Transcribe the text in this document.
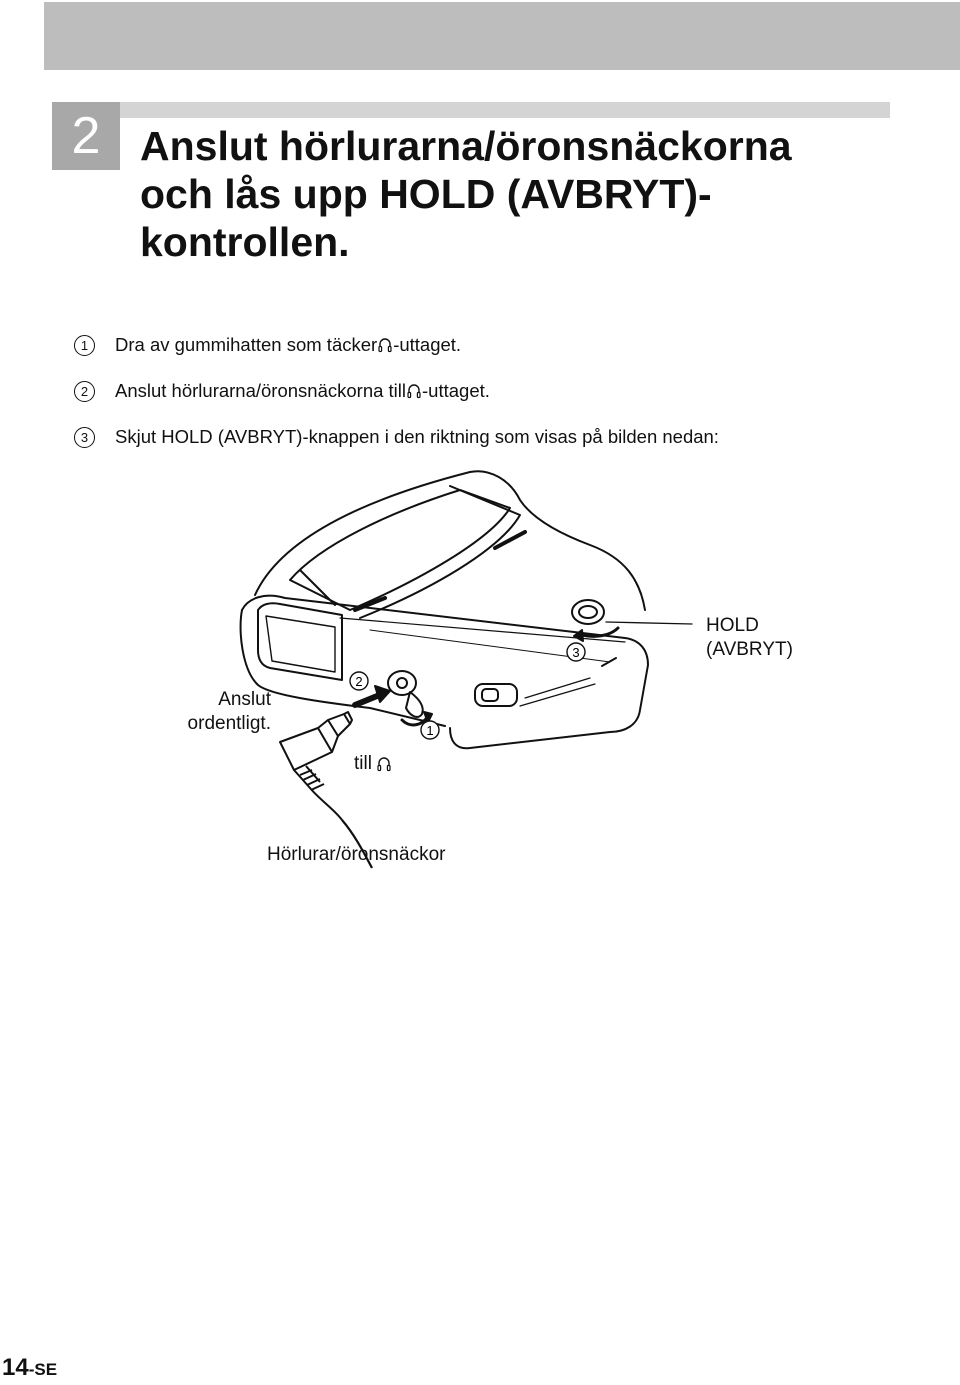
2 Anslut hörlurarna/öronsnäckorna
och lås upp HOLD (AVBRYT)-
kontrollen.
1	Dra av gummihatten som täcker -uttaget.
2	Anslut hörlurarna/öronsnäckorna till -uttaget.
3	Skjut HOLD (AVBRYT)-knappen i den riktning som visas på bilden nedan:
1
2
3
HOLD
(AVBRYT)
Anslut
ordentligt.
till
Hörlurar/öronsnäckor
14-SE
